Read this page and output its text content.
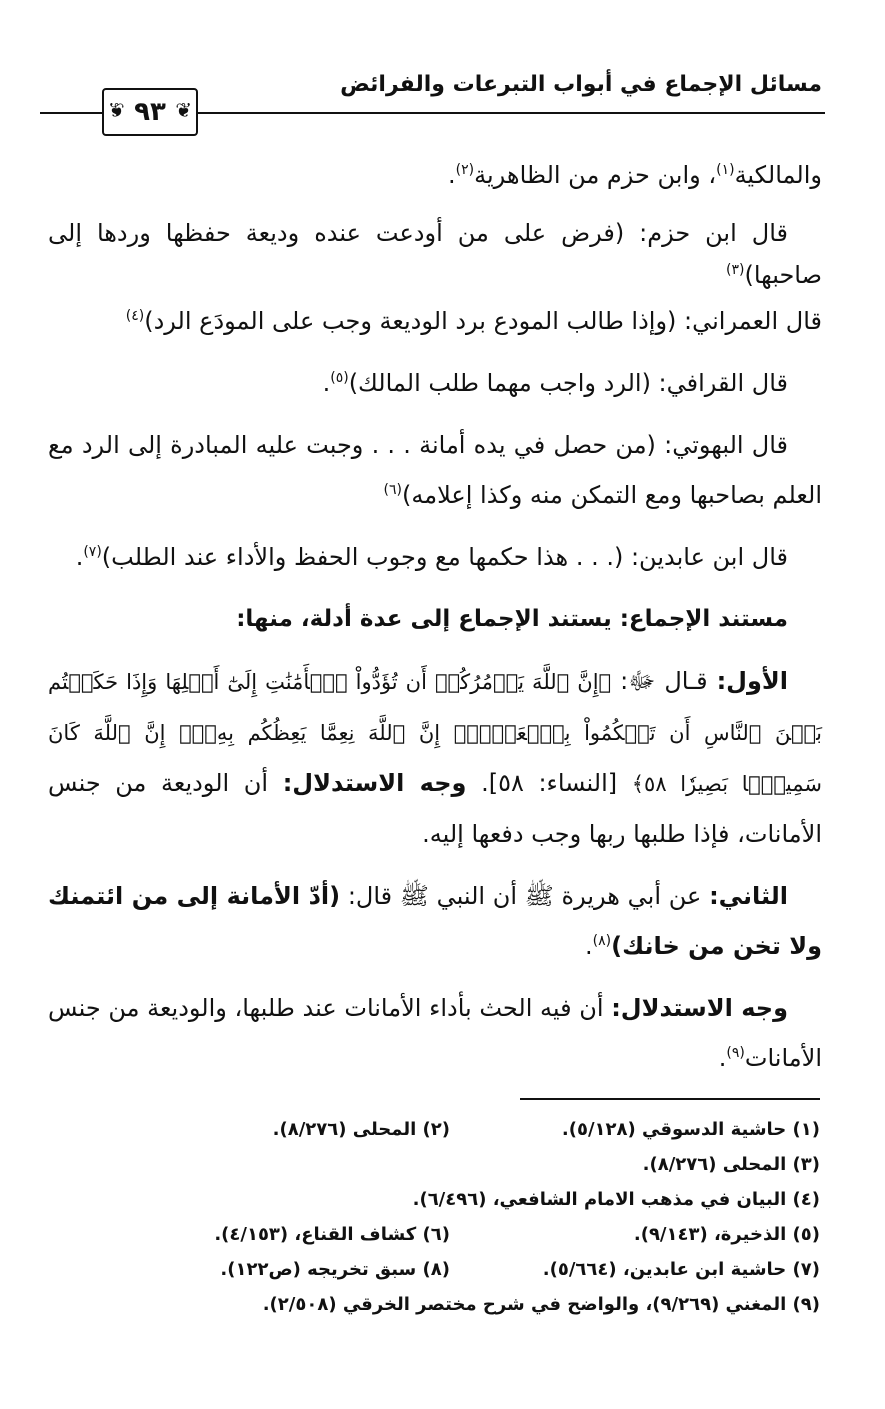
مسائل الإجماع في أبواب التبرعات والفرائض
❦ ٩٣ ❦

والمالكية$^{(١)}$، وابن حزم من الظاهرية$^{(٢)}$.

قال ابن حزم: (فرض على من أودعت عنده وديعة حفظها وردها إلى صاحبها)$^{(٣)}$

قال العمراني: (وإذا طالب المودع برد الوديعة وجب على المودَع الرد)$^{(٤)}$

قال القرافي: (الرد واجب مهما طلب المالك)$^{(٥)}$.

قال البهوتي: (من حصل في يده أمانة . . . وجبت عليه المبادرة إلى الرد مع العلم بصاحبها ومع التمكن منه وكذا إعلامه)$^{(٦)}$

قال ابن عابدين: (. . . هذا حكمها مع وجوب الحفظ والأداء عند الطلب)$^{(٧)}$.

مستند الإجماع: يستند الإجماع إلى عدة أدلة، منها:

الأول: قـال ﷻ: ﴿إِنَّ ٱللَّهَ يَأۡمُرُكُمۡ أَن تُؤَدُّواْ ٱلۡأَمَٰنَٰتِ إِلَىٰٓ أَهۡلِهَا وَإِذَا حَكَمۡتُم بَيۡنَ ٱلنَّاسِ أَن تَحۡكُمُواْ بِٱلۡعَدۡلِۚ إِنَّ ٱللَّهَ نِعِمَّا يَعِظُكُم بِهِۦٓۗ إِنَّ ٱللَّهَ كَانَ سَمِيعَۢا بَصِيرٗا ٥٨﴾ [النساء: ٥٨]. وجه الاستدلال: أن الوديعة من جنس الأمانات، فإذا طلبها ربها وجب دفعها إليه.

الثاني: عن أبي هريرة ﷺ أن النبي ﷺ قال: (أدّ الأمانة إلى من ائتمنك ولا تخن من خانك)$^{(٨)}$.

وجه الاستدلال: أن فيه الحث بأداء الأمانات عند طلبها، والوديعة من جنس الأمانات$^{(٩)}$.

(١) حاشية الدسوقي (٥/١٢٨).
(٢) المحلى (٨/٢٧٦).
(٣) المحلى (٨/٢٧٦).
(٤) البيان في مذهب الامام الشافعي، (٦/٤٩٦).
(٥) الذخيرة، (٩/١٤٣).
(٦) كشاف القناع، (٤/١٥٣).
(٧) حاشية ابن عابدين، (٥/٦٦٤).
(٨) سبق تخريجه (ص١٢٢).
(٩) المغني (٩/٢٦٩)، والواضح في شرح مختصر الخرقي (٢/٥٠٨).
